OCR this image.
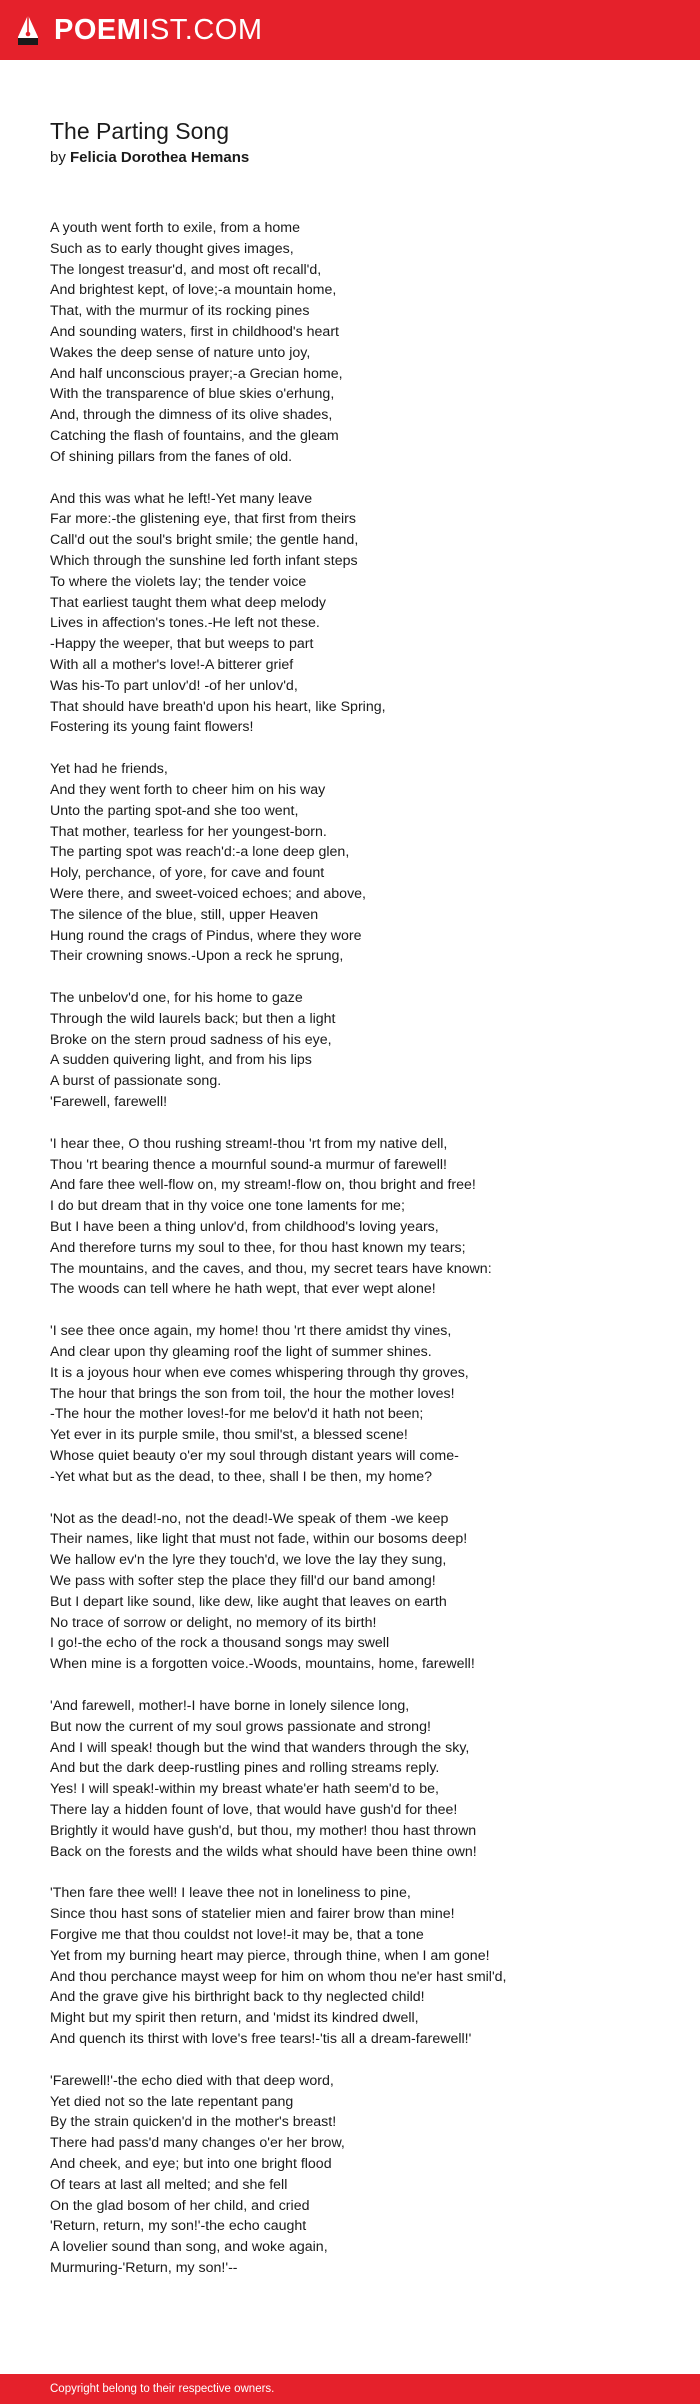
POEMIST.COM
The Parting Song
by Felicia Dorothea Hemans
A youth went forth to exile, from a home
Such as to early thought gives images,
The longest treasur'd, and most oft recall'd,
And brightest kept, of love;-a mountain home,
That, with the murmur of its rocking pines
And sounding waters, first in childhood's heart
Wakes the deep sense of nature unto joy,
And half unconscious prayer;-a Grecian home,
With the transparence of blue skies o'erhung,
And, through the dimness of its olive shades,
Catching the flash of fountains, and the gleam
Of shining pillars from the fanes of old.
And this was what he left!-Yet many leave
Far more:-the glistening eye, that first from theirs
Call'd out the soul's bright smile; the gentle hand,
Which through the sunshine led forth infant steps
To where the violets lay; the tender voice
That earliest taught them what deep melody
Lives in affection's tones.-He left not these.
-Happy the weeper, that but weeps to part
With all a mother's love!-A bitterer grief
Was his-To part unlov'd! -of her unlov'd,
That should have breath'd upon his heart, like Spring,
Fostering its young faint flowers!
Yet had he friends,
And they went forth to cheer him on his way
Unto the parting spot-and she too went,
That mother, tearless for her youngest-born.
The parting spot was reach'd:-a lone deep glen,
Holy, perchance, of yore, for cave and fount
Were there, and sweet-voiced echoes; and above,
The silence of the blue, still, upper Heaven
Hung round the crags of Pindus, where they wore
Their crowning snows.-Upon a reck he sprung,
The unbelov'd one, for his home to gaze
Through the wild laurels back; but then a light
Broke on the stern proud sadness of his eye,
A sudden quivering light, and from his lips
A burst of passionate song.
'Farewell, farewell!
'I hear thee, O thou rushing stream!-thou 'rt from my native dell,
Thou 'rt bearing thence a mournful sound-a murmur of farewell!
And fare thee well-flow on, my stream!-flow on, thou bright and free!
I do but dream that in thy voice one tone laments for me;
But I have been a thing unlov'd, from childhood's loving years,
And therefore turns my soul to thee, for thou hast known my tears;
The mountains, and the caves, and thou, my secret tears have known:
The woods can tell where he hath wept, that ever wept alone!
'I see thee once again, my home! thou 'rt there amidst thy vines,
And clear upon thy gleaming roof the light of summer shines.
It is a joyous hour when eve comes whispering through thy groves,
The hour that brings the son from toil, the hour the mother loves!
-The hour the mother loves!-for me belov'd it hath not been;
Yet ever in its purple smile, thou smil'st, a blessed scene!
Whose quiet beauty o'er my soul through distant years will come-
-Yet what but as the dead, to thee, shall I be then, my home?
'Not as the dead!-no, not the dead!-We speak of them -we keep
Their names, like light that must not fade, within our bosoms deep!
We hallow ev'n the lyre they touch'd, we love the lay they sung,
We pass with softer step the place they fill'd our band among!
But I depart like sound, like dew, like aught that leaves on earth
No trace of sorrow or delight, no memory of its birth!
I go!-the echo of the rock a thousand songs may swell
When mine is a forgotten voice.-Woods, mountains, home, farewell!
'And farewell, mother!-I have borne in lonely silence long,
But now the current of my soul grows passionate and strong!
And I will speak! though but the wind that wanders through the sky,
And but the dark deep-rustling pines and rolling streams reply.
Yes! I will speak!-within my breast whate'er hath seem'd to be,
There lay a hidden fount of love, that would have gush'd for thee!
Brightly it would have gush'd, but thou, my mother! thou hast thrown
Back on the forests and the wilds what should have been thine own!
'Then fare thee well! I leave thee not in loneliness to pine,
Since thou hast sons of statelier mien and fairer brow than mine!
Forgive me that thou couldst not love!-it may be, that a tone
Yet from my burning heart may pierce, through thine, when I am gone!
And thou perchance mayst weep for him on whom thou ne'er hast smil'd,
And the grave give his birthright back to thy neglected child!
Might but my spirit then return, and 'midst its kindred dwell,
And quench its thirst with love's free tears!-'tis all a dream-farewell!'
'Farewell!'-the echo died with that deep word,
Yet died not so the late repentant pang
By the strain quicken'd in the mother's breast!
There had pass'd many changes o'er her brow,
And cheek, and eye; but into one bright flood
Of tears at last all melted; and she fell
On the glad bosom of her child, and cried
'Return, return, my son!'-the echo caught
A lovelier sound than song, and woke again,
Murmuring-'Return, my son!'--
Copyright belong to their respective owners.
